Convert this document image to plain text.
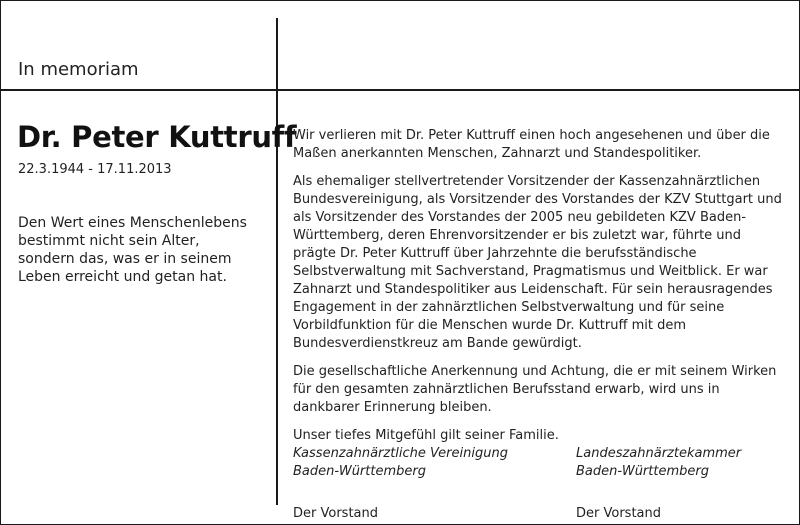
In memoriam
Dr. Peter Kuttruff

22.3.1944 - 17.11.2013

Den Wert eines Menschenlebens
bestimmt nicht sein Alter,
sondern das, was er in seinem
Leben erreicht und getan hat.

Wir verlieren mit Dr. Peter Kuttruff einen hoch angesehenen und über die Maßen anerkannten Menschen, Zahnarzt und Standespolitiker.

Als ehemaliger stellvertretender Vorsitzender der Kassenzahnärztlichen Bundesvereinigung, als Vorsitzender des Vorstandes der KZV Stuttgart und als Vorsitzender des Vorstandes der 2005 neu gebildeten KZV Baden-Württemberg, deren Ehrenvorsitzender er bis zuletzt war, führte und prägte Dr. Peter Kuttruff über Jahrzehnte die berufsständische Selbstverwaltung mit Sachverstand, Pragmatismus und Weitblick. Er war Zahnarzt und Standespolitiker aus Leidenschaft. Für sein herausragendes Engagement in der zahnärztlichen Selbstverwaltung und für seine Vorbildfunktion für die Menschen wurde Dr. Kuttruff mit dem Bundesverdienstkreuz am Bande gewürdigt.

Die gesellschaftliche Anerkennung und Achtung, die er mit seinem Wirken für den gesamten zahnärztlichen Berufsstand erwarb, wird uns in dankbarer Erinnerung bleiben.

Unser tiefes Mitgefühl gilt seiner Familie.

Kassenzahnärztliche Vereinigung
Baden-Württemberg
Der Vorstand
Landeszahnärztekammer
Baden-Württemberg
Der Vorstand
